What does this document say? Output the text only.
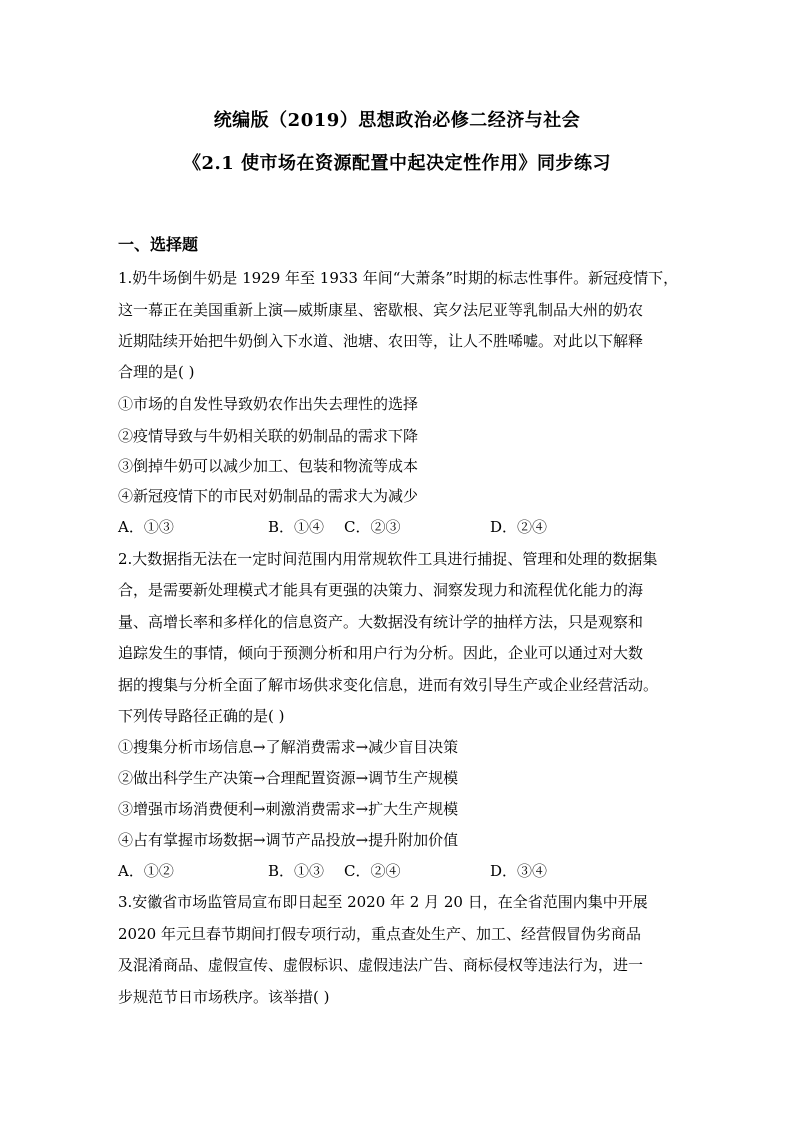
统编版（2019）思想政治必修二经济与社会
《2.1 使市场在资源配置中起决定性作用》同步练习
一、选择题
1.奶牛场倒牛奶是 1929 年至 1933 年间“大萧条”时期的标志性事件。新冠疫情下，
这一幕正在美国重新上演—威斯康星、密歇根、宾夕法尼亚等乳制品大州的奶农
近期陆续开始把牛奶倒入下水道、池塘、农田等，让人不胜唏嘘。对此以下解释
合理的是( )
①市场的自发性导致奶农作出失去理性的选择
②疫情导致与牛奶相关联的奶制品的需求下降
③倒掉牛奶可以减少加工、包装和物流等成本
④新冠疫情下的市民对奶制品的需求大为减少
A．①③	B．①④ C．②③	D．②④
2.大数据指无法在一定时间范围内用常规软件工具进行捕捉、管理和处理的数据集
合，是需要新处理模式才能具有更强的决策力、洞察发现力和流程优化能力的海
量、高增长率和多样化的信息资产。大数据没有统计学的抽样方法，只是观察和
追踪发生的事情，倾向于预测分析和用户行为分析。因此，企业可以通过对大数
据的搜集与分析全面了解市场供求变化信息，进而有效引导生产或企业经营活动。
下列传导路径正确的是( )
①搜集分析市场信息→了解消费需求→减少盲目决策
②做出科学生产决策→合理配置资源→调节生产规模
③增强市场消费便利→刺激消费需求→扩大生产规模
④占有掌握市场数据→调节产品投放→提升附加价值
A．①②	B．①③ C．②④	D．③④
3.安徽省市场监管局宣布即日起至 2020 年 2 月 20 日，在全省范围内集中开展
2020 年元旦春节期间打假专项行动，重点查处生产、加工、经营假冒伪劣商品
及混淆商品、虚假宣传、虚假标识、虚假违法广告、商标侵权等违法行为，进一
步规范节日市场秩序。该举措( )
